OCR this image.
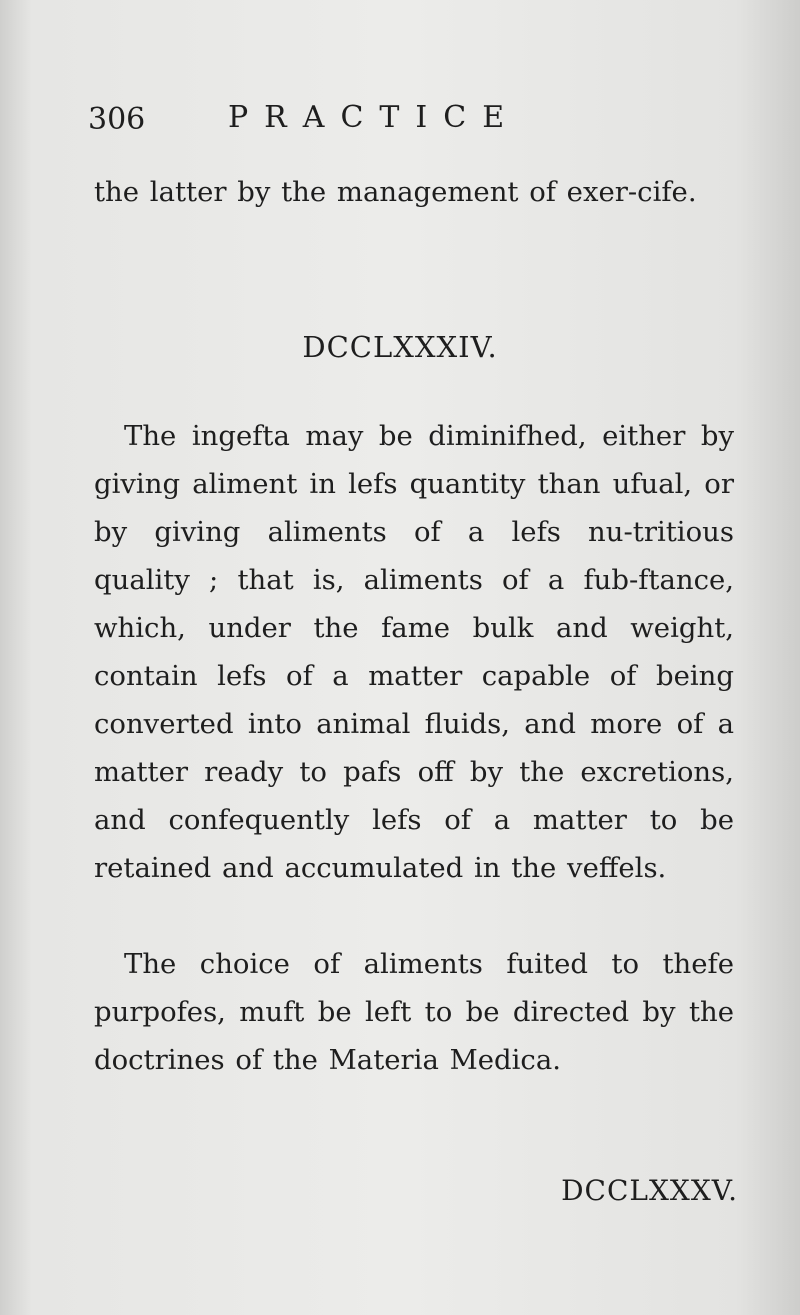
306	PRACTICE
the latter by the management of exer-cife.
DCCLXXXIV.
The ingefta may be diminifhed, either by giving aliment in lefs quantity than ufual, or by giving aliments of a lefs nu-tritious quality ; that is, aliments of a fub-ftance, which, under the fame bulk and weight, contain lefs of a matter capable of being converted into animal fluids, and more of a matter ready to pafs off by the excretions, and confequently lefs of a matter to be retained and accumulated in the veffels.
The choice of aliments fuited to thefe purpofes, muft be left to be directed by the doctrines of the Materia Medica.
DCCLXXXV.
